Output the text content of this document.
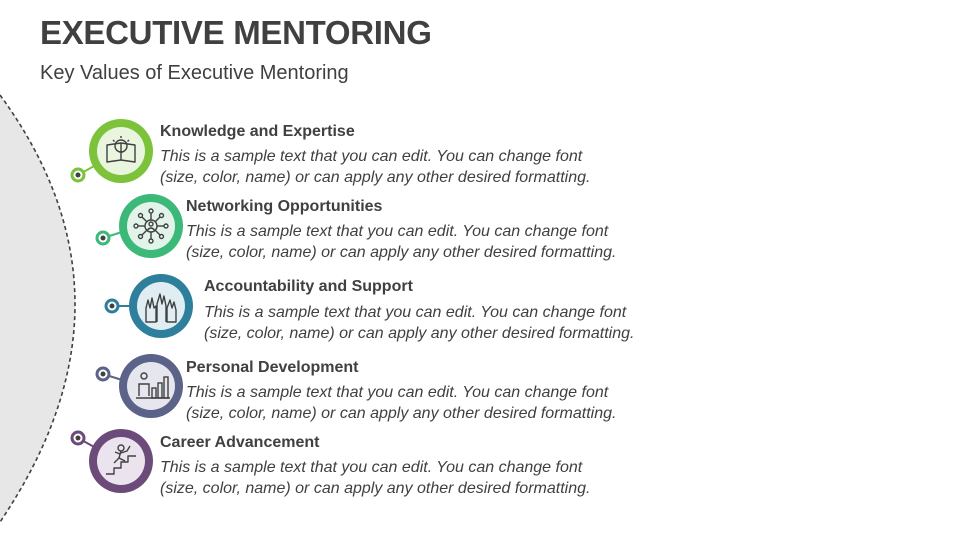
EXECUTIVE MENTORING
Key Values of Executive Mentoring
Knowledge and Expertise
This is a sample text that you can edit. You can change font
(size, color, name) or can apply any other desired formatting.
Networking Opportunities
This is a sample text that you can edit. You can change font
(size, color, name) or can apply any other desired formatting.
Accountability and Support
This is a sample text that you can edit. You can change font
(size, color, name) or can apply any other desired formatting.
Personal Development
This is a sample text that you can edit. You can change font
(size, color, name) or can apply any other desired formatting.
Career Advancement
This is a sample text that you can edit. You can change font
(size, color, name) or can apply any other desired formatting.
